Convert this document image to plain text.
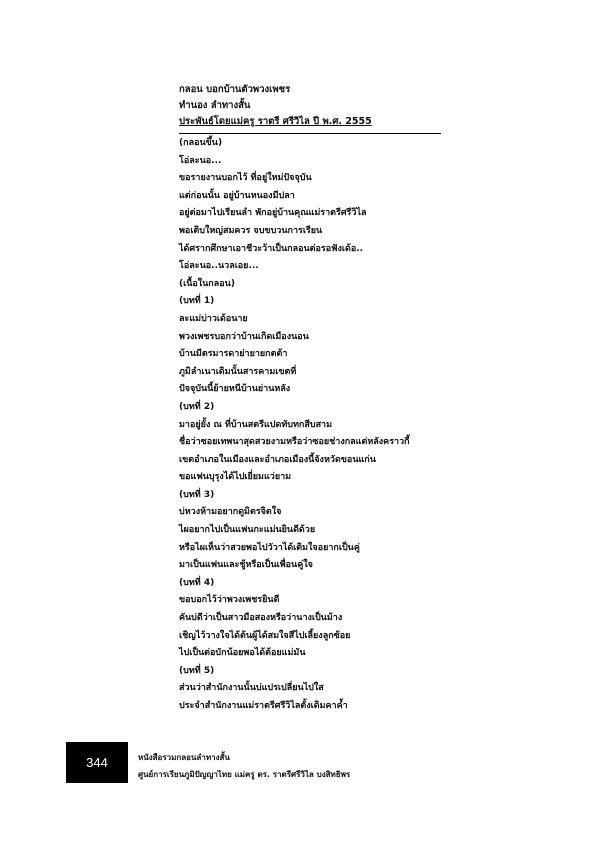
กลอน บอกบ้านตัวพวงเพชร
ทำนอง ลำทางสั้น
ประพันธ์โดยแม่ครู ราตรี ศรีวิไล ปี พ.ศ. 2555
(กลอนขึ้น)
โอ่ละนอ...
ขอรายงานบอกไว้ ที่อยู่ใหม่ปัจจุบัน
แต่ก่อนนั้น อยู่บ้านหนองมีปลา
อยู่ต่อมาไปเรียนลำ พักอยู่บ้านคุณแม่ราตรีศรีวิไล
พอเติบใหญ่สมควร จบขบวนการเรียน
ได้ศรากศึกษาเอาชีวะว้าเป็นกลอนต่อรอฟังเด้อ..
โอ่ละนอ..นวลเอย...
(เนื้อในกลอน)
(บทที่ 1)
ละแม่บ่าวเด้อนาย
พวงเพชรบอกว่าบ้านเกิดเมืองนอน
บ้านมีตรมารดาย่ายายกตต้า
ภูมิลำเนาเดิมนั้นสารคามเขตที่
ปัจจุบันนี้ย้ายหนีบ้านย่านหลัง
(บทที่ 2)
มาอยู่ยั้ง ณ ที่บ้านสตรีแปดทับทกสีบสาม
ชื่อว่าซอยเทพนาสุดสวยงามหรือว่าซอยช่างกลแต่หลังคราวกี้
เขตอำเภอในเมืองและอำเภอเมืองนี้จังหวัดขอนแก่น
ขอแฟนบุรุงได้ไปเยี่ยมแว่ยาม
(บทที่ 3)
บ่หวงห้ามอยากดูมิตรจิตใจ
ไผอยากไปเป็นแฟนกะแม่นยินดีด้วย
หรือไผเห็นว่าสวยพอไปวัวาได้เติมใจอยากเป็นคู่
มาเป็นแฟนและชู้หรือเป็นเพื่อนคู่ใจ
(บทที่ 4)
ขอบอกไว้ว่าพวงเพชรยินดี
คันบ่ดีว่าเป็นสาวมือสองหรือว่านางเป็นม้าง
เชิญไว้วางใจได้ต้นผู้ได้สมใจสีไปเลี้ยงลูกซ้อย
ไปเป็นต่อบักน้อยพอได้ต้อยแม่มัน
(บทที่ 5)
ส่วนว่าสำนักงานนั้นบ่แปรเปลี่ยนไปใส
ประจำสำนักงานแม่ราตรีศรีวิไลตั้งเดิมคาค้ำ
344	หนังสือรวมกลอนลำทางสั้น
ศูนย์การเรียนภูมิปัญญาไทย แม่ครู ดร. ราตรีศรีวิไล บงสิทธิพร
